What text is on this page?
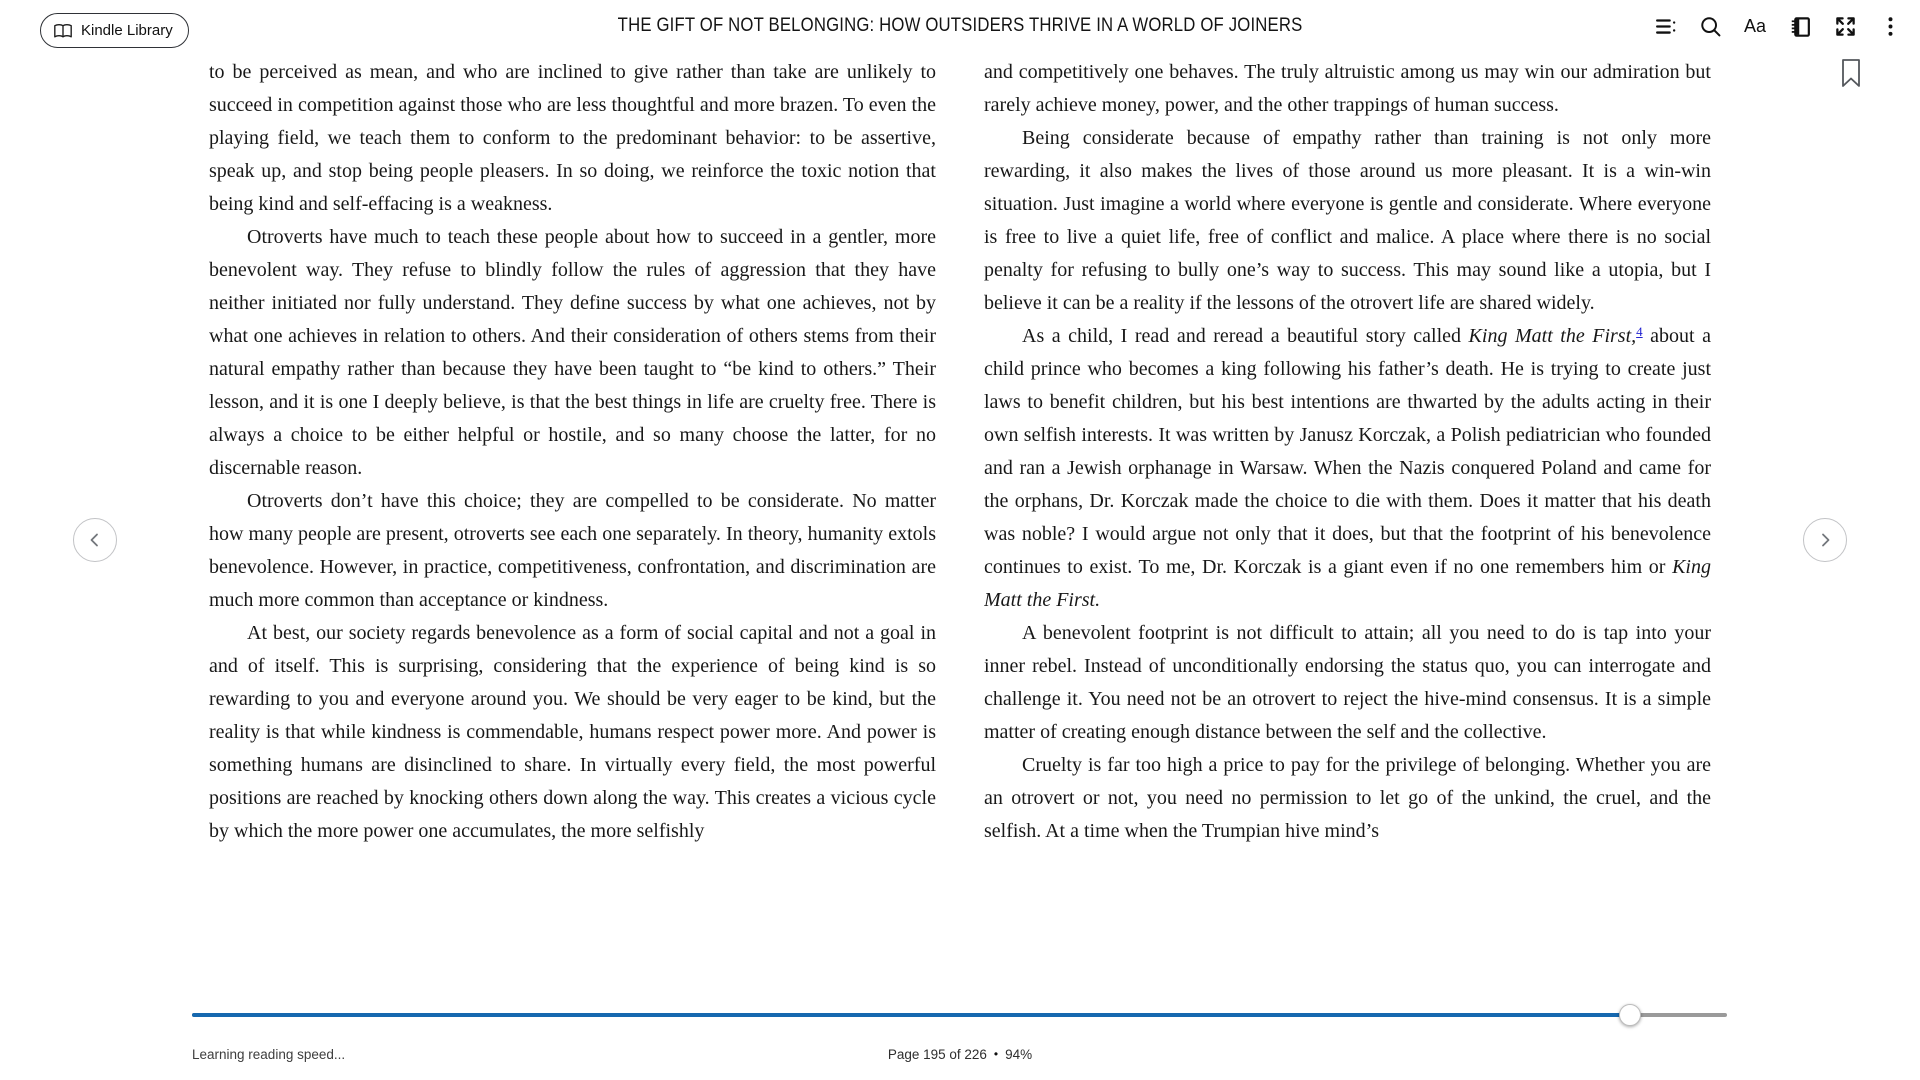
THE GIFT OF NOT BELONGING: HOW OUTSIDERS THRIVE IN A WORLD OF JOINERS
Kindle Library	Aa

to be perceived as mean, and who are inclined to give rather than take are unlikely to succeed in competition against those who are less thoughtful and more brazen. To even the playing field, we teach them to conform to the predominant behavior: to be assertive, speak up, and stop being people pleasers. In so doing, we reinforce the toxic notion that being kind and self-effacing is a weakness.

Otroverts have much to teach these people about how to succeed in a gentler, more benevolent way. They refuse to blindly follow the rules of aggression that they have neither initiated nor fully understand. They define success by what one achieves, not by what one achieves in relation to others. And their consideration of others stems from their natural empathy rather than because they have been taught to “be kind to others.” Their lesson, and it is one I deeply believe, is that the best things in life are cruelty free. There is always a choice to be either helpful or hostile, and so many choose the latter, for no discernable reason.

Otroverts don’t have this choice; they are compelled to be considerate. No matter how many people are present, otroverts see each one separately. In theory, humanity extols benevolence. However, in practice, competitiveness, confrontation, and discrimination are much more common than acceptance or kindness.

At best, our society regards benevolence as a form of social capital and not a goal in and of itself. This is surprising, considering that the experience of being kind is so rewarding to you and everyone around you. We should be very eager to be kind, but the reality is that while kindness is commendable, humans respect power more. And power is something humans are disinclined to share. In virtually every field, the most powerful positions are reached by knocking others down along the way. This creates a vicious cycle by which the more power one accumulates, the more selfishly

and competitively one behaves. The truly altruistic among us may win our admiration but rarely achieve money, power, and the other trappings of human success.

Being considerate because of empathy rather than training is not only more rewarding, it also makes the lives of those around us more pleasant. It is a win-win situation. Just imagine a world where everyone is gentle and considerate. Where everyone is free to live a quiet life, free of conflict and malice. A place where there is no social penalty for refusing to bully one’s way to success. This may sound like a utopia, but I believe it can be a reality if the lessons of the otrovert life are shared widely.

As a child, I read and reread a beautiful story called King Matt the First,$^4$ about a child prince who becomes a king following his father’s death. He is trying to create just laws to benefit children, but his best intentions are thwarted by the adults acting in their own selfish interests. It was written by Janusz Korczak, a Polish pediatrician who founded and ran a Jewish orphanage in Warsaw. When the Nazis conquered Poland and came for the orphans, Dr. Korczak made the choice to die with them. Does it matter that his death was noble? I would argue not only that it does, but that the footprint of his benevolence continues to exist. To me, Dr. Korczak is a giant even if no one remembers him or King Matt the First.

A benevolent footprint is not difficult to attain; all you need to do is tap into your inner rebel. Instead of unconditionally endorsing the status quo, you can interrogate and challenge it. You need not be an otrovert to reject the hive-mind consensus. It is a simple matter of creating enough distance between the self and the collective.

Cruelty is far too high a price to pay for the privilege of belonging. Whether you are an otrovert or not, you need no permission to let go of the unkind, the cruel, and the selfish. At a time when the Trumpian hive mind’s

Learning reading speed...	Page 195 of 226 • 94%
